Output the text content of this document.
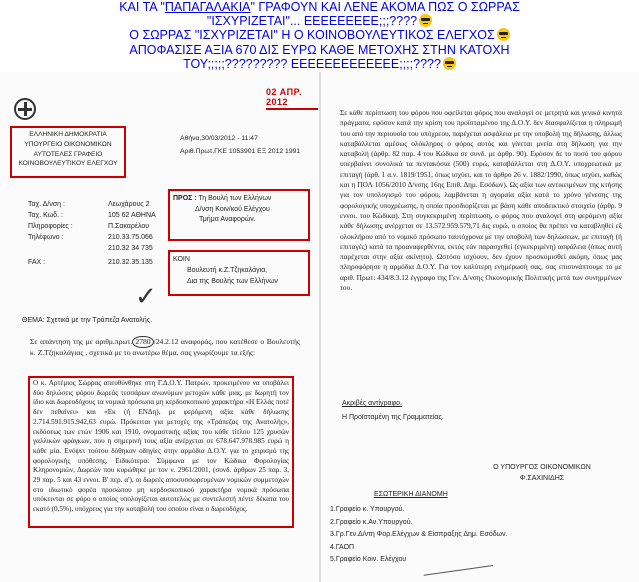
ΚΑΙ ΤΑ "ΠΑΠΑΓΑΛΑΚΙΑ" ΓΡΑΦΟΥΝ ΚΑΙ ΛΕΝΕ ΑΚΟΜΑ ΠΩΣ Ο ΣΩΡΡΑΣ
"ΙΣΧΥΡΙΖΕΤΑΙ"... ΕΕΕΕΕΕΕΕΕ;;;????
Ο ΣΩΡΡΑΣ "ΙΣΧΥΡΙΖΕΤΑΙ" Η Ο ΚΟΙΝΟΒΟΥΛΕΥΤΙΚΟΣ ΕΛΕΓΧΟΣ
ΑΠΟΦΑΣΙΣΕ ΑΞΙΑ 670 ΔΙΣ ΕΥΡΩ ΚΑΘΕ ΜΕΤΟΧΗΣ ΣΤΗΝ ΚΑΤΟΧΗ
ΤΟΥ;;;;;????????? ΕΕΕΕΕΕΕΕΕΕΕΕΕ;;;;????
02 ΑΠΡ. 2012
ΕΛΛΗΝΙΚΗ ΔΗΜΟΚΡΑΤΙΑ
ΥΠΟΥΡΓΕΙΟ ΟΙΚΟΝΟΜΙΚΩΝ
ΑΥΤΟΤΕΛΕΣ ΓΡΑΦΕΙΟ
ΚΟΙΝΟΒΟΥΛΕΥΤΙΚΟΥ ΕΛΕΓΧΟΥ
Αθήνα,30/03/2012 - 11:47
Αριθ.Πρωτ.ΓΚΕ 1053901 ΕΞ 2012 1991
Ταχ. Δ/νση :	Λεωχάρους 2
Ταχ. Κωδ. :	105 62 ΑΘΗΝΑ
Πληροφορίες :	Π.Σακαρέλου
Τηλέφωνο :	210.33.75.066
210.32 34 735
FAX :	210.32.35.135
ΠΡΟΣ : Τη Βουλή των Ελλήνων
Δ/νση Κοιν/κού Ελέγχου
Τμήμα Αναφορών.
✓
ΚΟΙΝ
Βουλευτή κ.Ζ.Τζηκαλάγια,
Δια της Βουλής των Ελλήνων
ΘΕΜΑ: Σχετικά με την Τράπεζα Ανατολής.
Σε απάντηση της με αριθμ.πρωτ. 2780 /24.2.12 αναφοράς, που κατέθεσε ο Βουλευτής κ. Ζ.Τζηκαλάγιας , σχετικά με το ανωτέρω θέμα, σας γνωρίζουμε τα εξής:
Ο κ. Αρτέμιος Σώρρας απευθύνθηκε στη Γ.Δ.Ο.Υ. Πατρών, προκειμένου να υποβάλει δύο δηλώσεις φόρου δωρεάς τεσσάρων ανωνύμων μετοχών κάθε μιας, με δωρητή τον ίδιο και δωρεοδόχους τα νομικά πρόσωπα μη κερδοσκοπικού χαρακτήρα «Η Ελλάς ποτέ δεν πεθαίνει» και «Εκ (ή ΕΝΔη), με φερόμενη αξία κάθε δήλωσης 2.714.591.915.942,63 ευρώ. Πρόκειται για μετοχές της «Τράπεζας της Ανατολής», εκδόσεως των ετών 1906 και 1910, ονομαστικής αξίας του κάθε τίτλου 125 χρυσών γαλλικών φράγκων, που η σημερινή τους αξία ανέρχεται σε 678.647.978.985 ευρώ η κάθε μία. Ενόψει τούτου δόθηκαν οδηγίες στην αρμόδια Δ.Ο.Υ. για το χειρισμό της φορολογικής υπόθεσης. Ειδικότερα: Σύμφωνα με τον Κώδικα Φορολογίας Κληρονομιών, Δωρεών που κυρώθηκε με τον ν. 2961/2001, (συνδ. άρθρων 25 παρ. 3, 29 παρ. 5 και 43 εννοι. Β' περ. α'), οι δωρεές αποσυσσωρευμένων νομικών συμμετοχών στο ιδιωτικό φορέα προσώπου μη κερδοσκοπικού χαρακτήρα νομικά πρόσωπα υπόκεινται σε φόρο ο οποίος υπολογίζεται αυτοτελώς με συντελεστή πέντε δέκατα του εκατό (0,5%), υπόχρεος για την καταβολή του οποίου είναι ο δωρεοδόχος.
Σε κάθε περίπτωση του φόρου που οφείλεται φόρος που αναλογεί σε μετρητά και γενικά κινητά πράγματα, εφόσον κατά την κρίση του προϊσταμένου της Δ.Ο.Υ. δεν διασφαλίζεται η πληρωμή του από την περιουσία του υπόχρεου, παρέχεται ασφάλεια με την υποβολή της δήλωσης, άλλως καταβάλλεται αμέσως ολόκληρος ο φόρος αυτός και γίνεται μνεία στη δήλωση για την καταβολή (άρθρ. 82 παρ. 4 του Κώδικα σε συνδ. με άρθρ. 90). Εφόσον δε το ποσό του φόρου υπερβαίνει συνολικά τα πεντακόσια (500) ευρώ, καταβάλλεται στη Δ.Ο.Υ. υποχρεωτικά με επιταγή (άρθ. 1 α.ν. 1819/1951, όπως ισχύει, και το άρθρο 26 ν. 1882/1990, όπως ισχύει, καθώς και η ΠΟΛ 1056/2010 Δ/νσης 16ης Επιθ. Δημ. Εσόδων). Ως αξία των αντικειμένων της κτήσης για τον υπολογισμό του φόρου, λαμβάνεται η αγοραία αξία κατά το χρόνο γένεσης της φορολογικής υποχρέωσης, η οποία προσδιορίζεται με βάση κάθε αποδεικτικό στοιχείο (άρθρ. 9 εννοι. του Κώδικα). Στη συγκεκριμένη περίπτωση, ο φόρος που αναλογεί στη φερόμενη αξία κάθε δήλωσης ανέρχεται σε 13.572.959.579,71 δις ευρώ, ο οποίος θα πρέπει να καταβληθεί εξ ολοκλήρου από το νομικό πρόσωπο ταυτόχρονα με την υποβολή των δηλώσεων, με επιταγή (ή επιταγές) κατά τα προαναφερθέντα, εκτός εάν παρασχεθεί (εγκεκριμένη) ασφάλεια (όπως αυτή παρέχεται στην αξία ακίνητο). Ωστόσο ισχύουν, δεν έχουν προσκομισθεί ακόμη, όπως μας πληροφόρησε η αρμόδια Δ.Ο.Υ. Για τον καλύτερη ενημέρωσή σας, σας επισυνάπτουμε το με αριθ. Πρωτ: 434/8.3.12 έγγραφο της Γεν. Δ/νσης Οικονομικής Πολιτικής μετά των συνημμένων του.
Ακριβές αντίγραφο.
Η Προϊσταμένη της Γραμματείας.
Ο ΥΠΟΥΡΓΟΣ ΟΙΚΟΝΟΜΙΚΩΝ
Φ.ΣΑΧΙΝΙΔΗΣ
ΕΣΩΤΕΡΙΚΗ ΔΙΑΝΟΜΗ
1.Γραφείο κ. Υπουργού.
2.Γραφείο κ.Αν.Υπουργού.
3.Γρ.Γεν.Δ/ντη Φορ.Ελέγχων & Είσπραξης Δημ. Εσόδων.
4.ΓΑΟΠ
5.Γραφείο Κοιν. Ελέγχου
